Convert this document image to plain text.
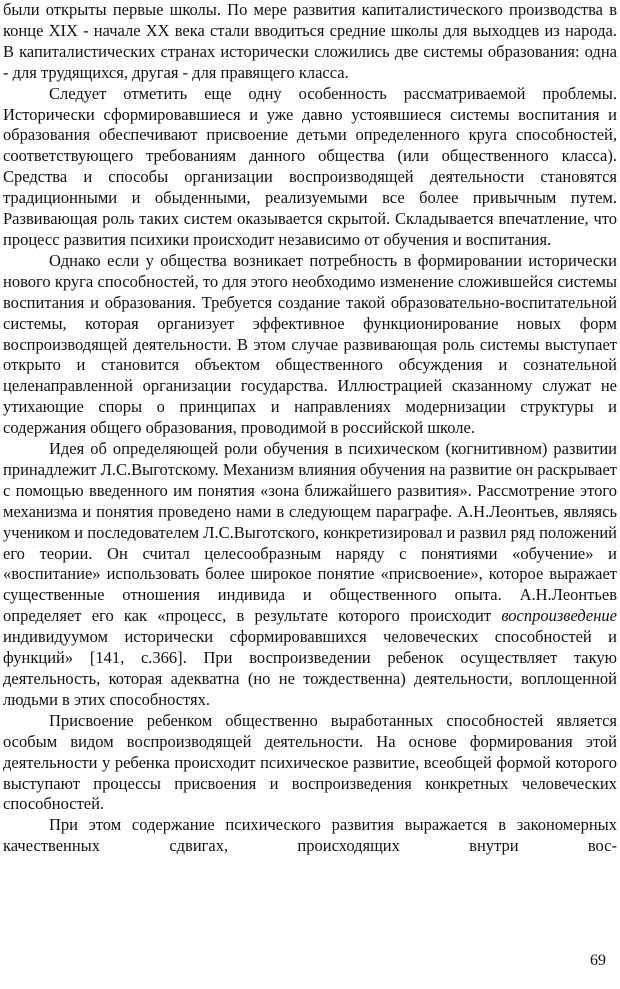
были открыты первые школы. По мере развития капиталистического производства в конце XIX - начале XX века стали вводиться средние школы для выходцев из народа. В капиталистических странах исторически сложились две системы образования: одна - для трудящихся, другая - для правящего класса.

Следует отметить еще одну особенность рассматриваемой проблемы. Исторически сформировавшиеся и уже давно устоявшиеся системы воспитания и образования обеспечивают присвоение детьми определенного круга способностей, соответствующего требованиям данного общества (или общественного класса). Средства и способы организации воспроизводящей деятельности становятся традиционными и обыденными, реализуемыми все более привычным путем. Развивающая роль таких систем оказывается скрытой. Складывается впечатление, что процесс развития психики происходит независимо от обучения и воспитания.

Однако если у общества возникает потребность в формировании исторически нового круга способностей, то для этого необходимо изменение сложившейся системы воспитания и образования. Требуется создание такой образовательно-воспитательной системы, которая организует эффективное функционирование новых форм воспроизводящей деятельности. В этом случае развивающая роль системы выступает открыто и становится объектом общественного обсуждения и сознательной целенаправленной организации государства. Иллюстрацией сказанному служат не утихающие споры о принципах и направлениях модернизации структуры и содержания общего образования, проводимой в российской школе.

Идея об определяющей роли обучения в психическом (когнитивном) развитии принадлежит Л.С.Выготскому. Механизм влияния обучения на развитие он раскрывает с помощью введенного им понятия «зона ближайшего развития». Рассмотрение этого механизма и понятия проведено нами в следующем параграфе. А.Н.Леонтьев, являясь учеником и последователем Л.С.Выготского, конкретизировал и развил ряд положений его теории. Он считал целесообразным наряду с понятиями «обучение» и «воспитание» использовать более широкое понятие «присвоение», которое выражает существенные отношения индивида и общественного опыта. А.Н.Леонтьев определяет его как «процесс, в результате которого происходит воспроизведение индивидуумом исторически сформировавшихся человеческих способностей и функций» [141, с.366]. При воспроизведении ребенок осуществляет такую деятельность, которая адекватна (но не тождественна) деятельности, воплощенной людьми в этих способностях.

Присвоение ребенком общественно выработанных способностей является особым видом воспроизводящей деятельности. На основе формирования этой деятельности у ребенка происходит психическое развитие, всеобщей формой которого выступают процессы присвоения и воспроизведения конкретных человеческих способностей.

При этом содержание психического развития выражается в закономерных качественных сдвигах, происходящих внутри вос-

69
